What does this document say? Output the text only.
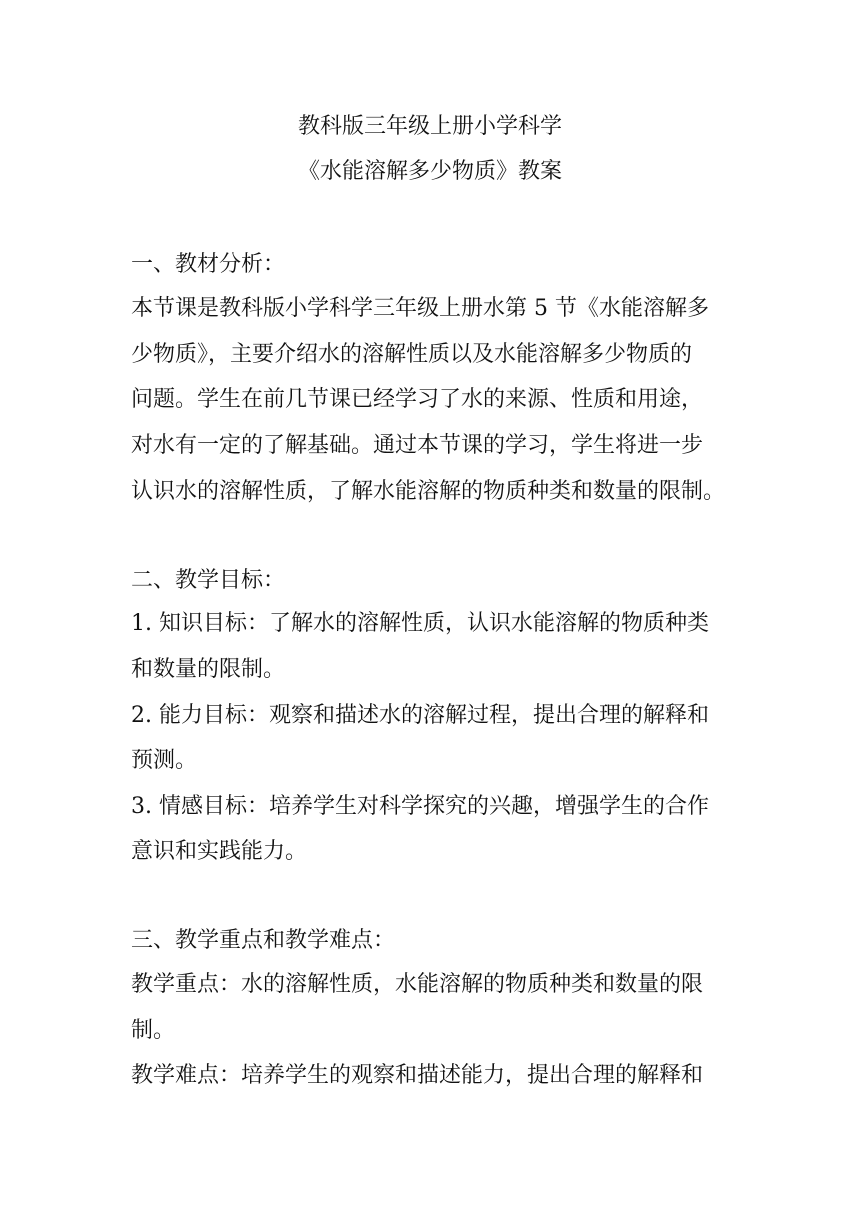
教科版三年级上册小学科学
《水能溶解多少物质》教案
一、教材分析：
本节课是教科版小学科学三年级上册水第 5 节《水能溶解多
少物质》，主要介绍水的溶解性质以及水能溶解多少物质的
问题。学生在前几节课已经学习了水的来源、性质和用途，
对水有一定的了解基础。通过本节课的学习，学生将进一步
认识水的溶解性质，了解水能溶解的物质种类和数量的限制。
二、教学目标：
1. 知识目标：了解水的溶解性质，认识水能溶解的物质种类
和数量的限制。
2. 能力目标：观察和描述水的溶解过程，提出合理的解释和
预测。
3. 情感目标：培养学生对科学探究的兴趣，增强学生的合作
意识和实践能力。
三、教学重点和教学难点：
教学重点：水的溶解性质，水能溶解的物质种类和数量的限
制。
教学难点：培养学生的观察和描述能力，提出合理的解释和
